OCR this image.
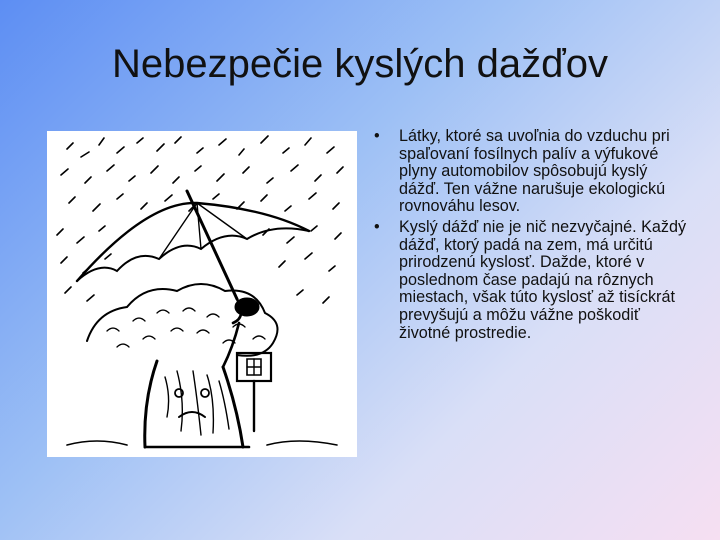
Nebezpečie kyslých dažďov
•	Látky, ktoré sa uvoľnia do vzduchu pri spaľovaní fosílnych palív a výfukové plyny automobilov spôsobujú kyslý dážď. Ten vážne narušuje ekologickú rovnováhu lesov.
•	Kyslý dážď nie je nič nezvyčajné. Každý dážď, ktorý padá na zem, má určitú prirodzenú kyslosť. Dažde, ktoré v poslednom čase padajú na rôznych miestach, však túto kyslosť až tisíckrát prevyšujú a môžu vážne poškodiť životné prostredie.
